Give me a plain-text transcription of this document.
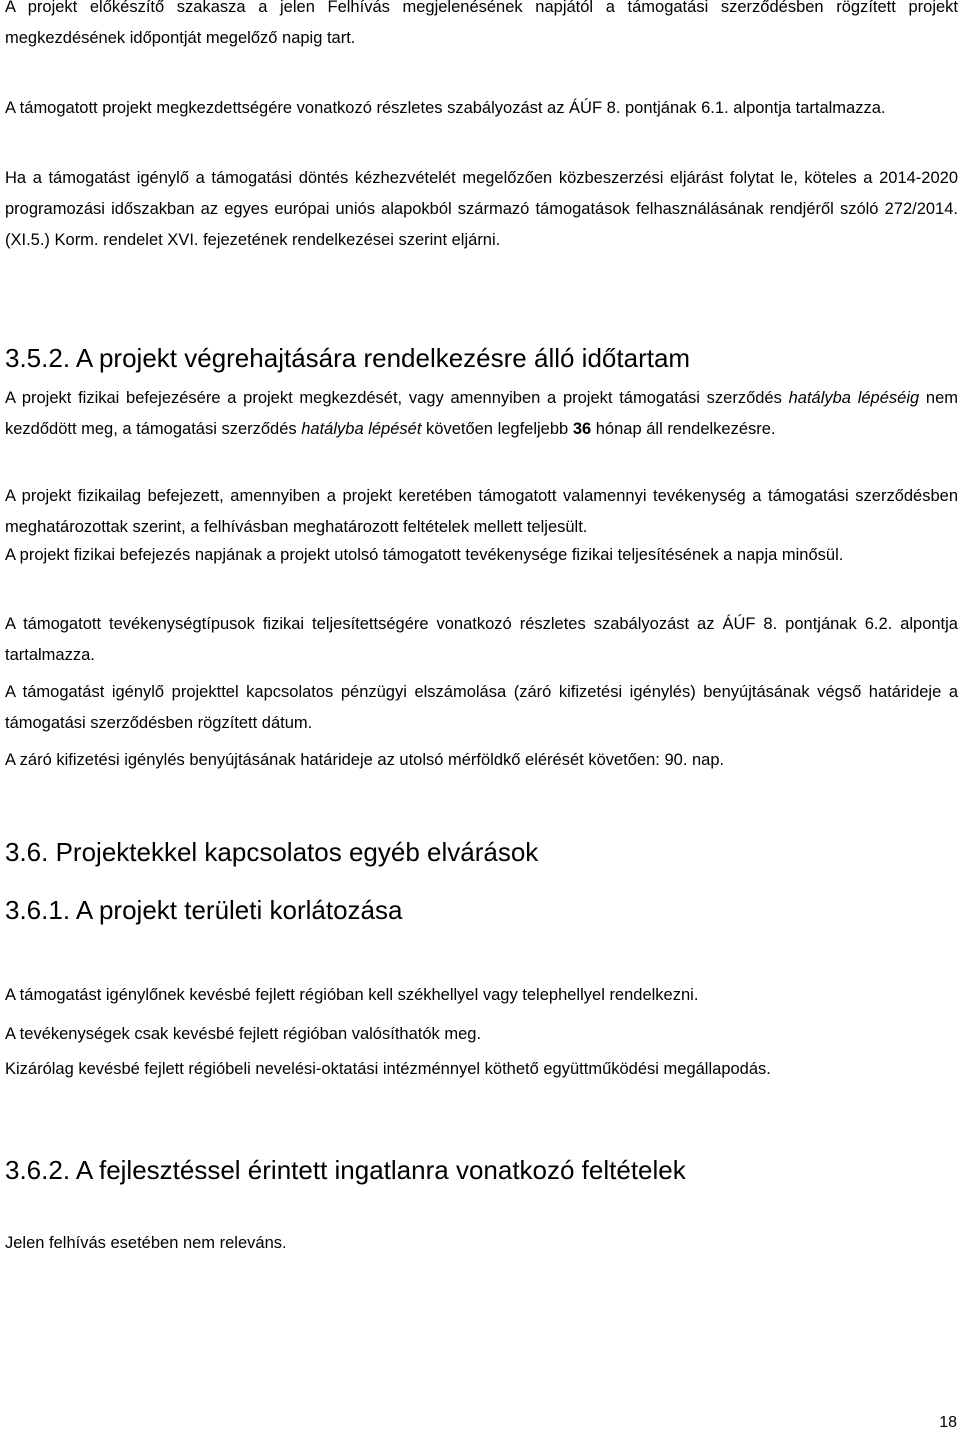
A projekt előkészítő szakasza a jelen Felhívás megjelenésének napjától a támogatási szerződésben rögzített projekt megkezdésének időpontját megelőző napig tart.

A támogatott projekt megkezdettségére vonatkozó részletes szabályozást az ÁÚF 8. pontjának 6.1. alpontja tartalmazza.

Ha a támogatást igénylő a támogatási döntés kézhezvételét megelőzően közbeszerzési eljárást folytat le, köteles a 2014-2020 programozási időszakban az egyes európai uniós alapokból származó támogatások felhasználásának rendjéről szóló 272/2014. (XI.5.) Korm. rendelet XVI. fejezetének rendelkezései szerint eljárni.

3.5.2. A projekt végrehajtására rendelkezésre álló időtartam

A projekt fizikai befejezésére a projekt megkezdését, vagy amennyiben a projekt támogatási szerződés hatályba lépéséig nem kezdődött meg, a támogatási szerződés hatályba lépését követően legfeljebb 36 hónap áll rendelkezésre.

A projekt fizikailag befejezett, amennyiben a projekt keretében támogatott valamennyi tevékenység a támogatási szerződésben meghatározottak szerint, a felhívásban meghatározott feltételek mellett teljesült.

A projekt fizikai befejezés napjának a projekt utolsó támogatott tevékenysége fizikai teljesítésének a napja minősül.

A támogatott tevékenységtípusok fizikai teljesítettségére vonatkozó részletes szabályozást az ÁÚF 8. pontjának 6.2. alpontja tartalmazza.

A támogatást igénylő projekttel kapcsolatos pénzügyi elszámolása (záró kifizetési igénylés) benyújtásának végső határideje a támogatási szerződésben rögzített dátum.

A záró kifizetési igénylés benyújtásának határideje az utolsó mérföldkő elérését követően: 90. nap.

3.6. Projektekkel kapcsolatos egyéb elvárások
3.6.1. A projekt területi korlátozása

A támogatást igénylőnek kevésbé fejlett régióban kell székhellyel vagy telephellyel rendelkezni.

A tevékenységek csak kevésbé fejlett régióban valósíthatók meg.

Kizárólag kevésbé fejlett régióbeli nevelési-oktatási intézménnyel köthető együttműködési megállapodás.

3.6.2. A fejlesztéssel érintett ingatlanra vonatkozó feltételek

Jelen felhívás esetében nem releváns.

18
